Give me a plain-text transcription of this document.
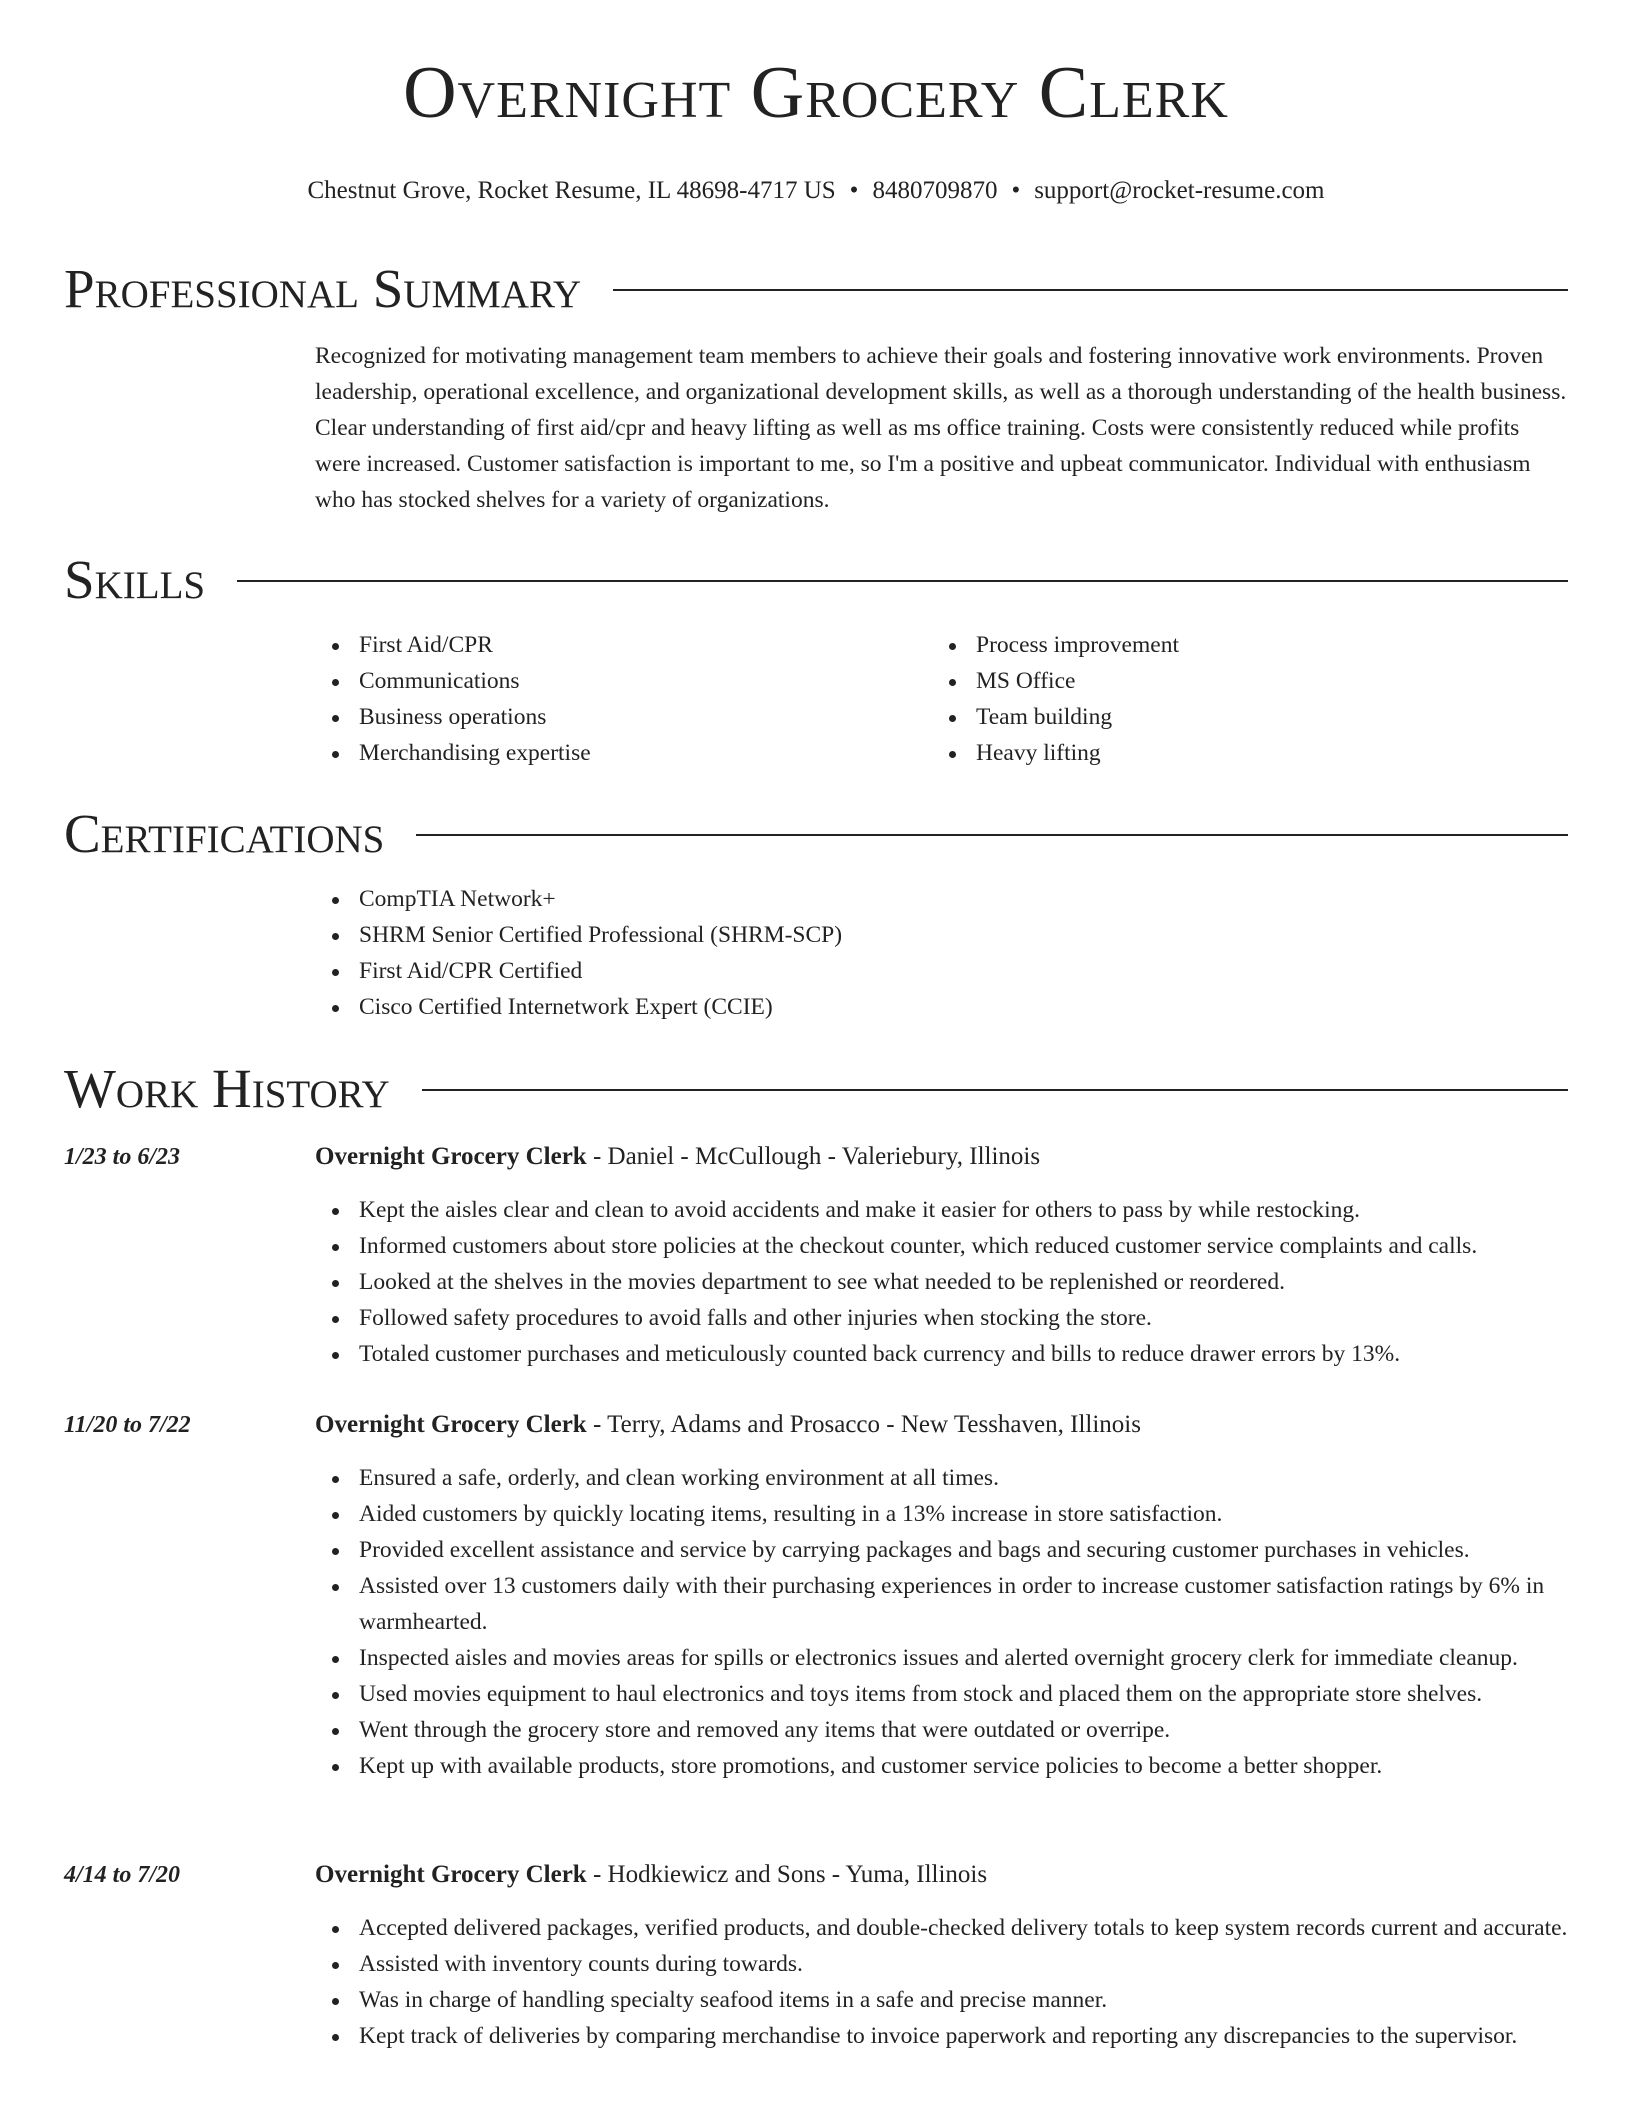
Overnight Grocery Clerk
Chestnut Grove, Rocket Resume, IL 48698-4717 US • 8480709870 • support@rocket-resume.com
Professional Summary

Recognized for motivating management team members to achieve their goals and fostering innovative work environments. Proven leadership, operational excellence, and organizational development skills, as well as a thorough understanding of the health business. Clear understanding of first aid/cpr and heavy lifting as well as ms office training. Costs were consistently reduced while profits were increased. Customer satisfaction is important to me, so I'm a positive and upbeat communicator. Individual with enthusiasm who has stocked shelves for a variety of organizations.

Skills
First Aid/CPR
Communications
Business operations
Merchandising expertise
Process improvement
MS Office
Team building
Heavy lifting
Certifications
CompTIA Network+
SHRM Senior Certified Professional (SHRM-SCP)
First Aid/CPR Certified
Cisco Certified Internetwork Expert (CCIE)
Work History
1/23 to 6/23	Overnight Grocery Clerk - Daniel - McCullough - Valeriebury, Illinois
Kept the aisles clear and clean to avoid accidents and make it easier for others to pass by while restocking.
Informed customers about store policies at the checkout counter, which reduced customer service complaints and calls.
Looked at the shelves in the movies department to see what needed to be replenished or reordered.
Followed safety procedures to avoid falls and other injuries when stocking the store.
Totaled customer purchases and meticulously counted back currency and bills to reduce drawer errors by 13%.
11/20 to 7/22	Overnight Grocery Clerk - Terry, Adams and Prosacco - New Tesshaven, Illinois
Ensured a safe, orderly, and clean working environment at all times.
Aided customers by quickly locating items, resulting in a 13% increase in store satisfaction.
Provided excellent assistance and service by carrying packages and bags and securing customer purchases in vehicles.
Assisted over 13 customers daily with their purchasing experiences in order to increase customer satisfaction ratings by 6% in warmhearted.
Inspected aisles and movies areas for spills or electronics issues and alerted overnight grocery clerk for immediate cleanup.
Used movies equipment to haul electronics and toys items from stock and placed them on the appropriate store shelves.
Went through the grocery store and removed any items that were outdated or overripe.
Kept up with available products, store promotions, and customer service policies to become a better shopper.
4/14 to 7/20	Overnight Grocery Clerk - Hodkiewicz and Sons - Yuma, Illinois
Accepted delivered packages, verified products, and double-checked delivery totals to keep system records current and accurate.
Assisted with inventory counts during towards.
Was in charge of handling specialty seafood items in a safe and precise manner.
Kept track of deliveries by comparing merchandise to invoice paperwork and reporting any discrepancies to the supervisor.
